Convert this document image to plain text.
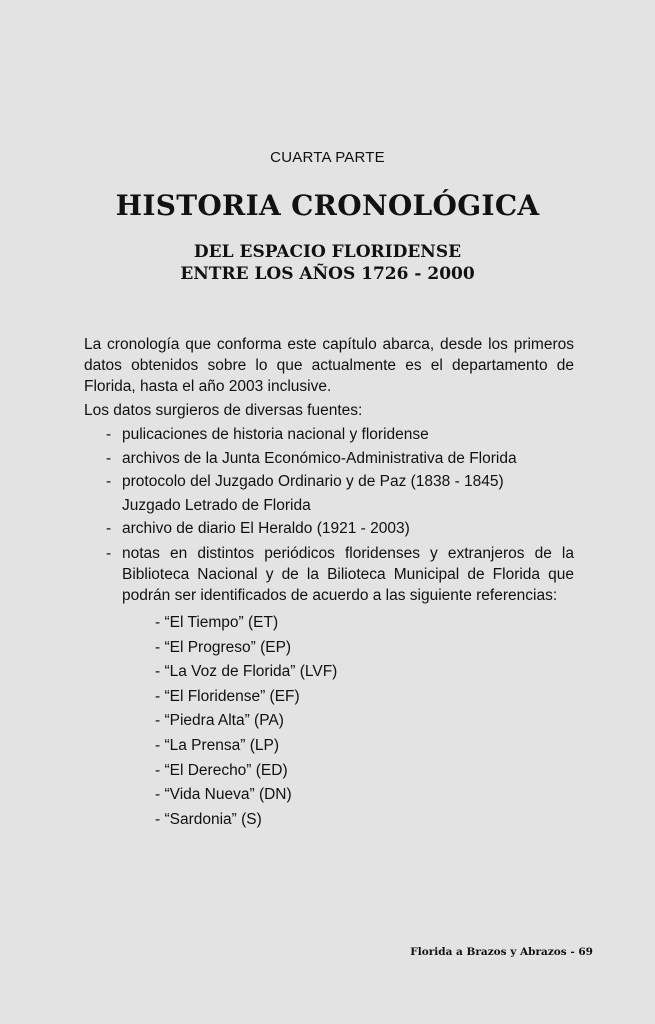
CUARTA PARTE
HISTORIA CRONOLÓGICA
DEL ESPACIO FLORIDENSE
ENTRE LOS AÑOS 1726 - 2000

La cronología que conforma este capítulo abarca, desde los primeros datos obtenidos sobre lo que actualmente es el departamento de Florida, hasta el año 2003 inclusive.

Los datos surgieros de diversas fuentes:

- pulicaciones de historia nacional y floridense
- archivos de la Junta Económico-Administrativa de Florida
- protocolo del Juzgado Ordinario y de Paz (1838 - 1845)
Juzgado Letrado de Florida
- archivo de diario El Heraldo (1921 - 2003)
- notas en distintos periódicos floridenses y extranjeros de la Biblioteca Nacional y de la Bilioteca Municipal de Florida que podrán ser identificados de acuerdo a las siguiente referencias:
- “El Tiempo” (ET)
- “El Progreso” (EP)
- “La Voz de Florida” (LVF)
- “El Floridense” (EF)
- “Piedra Alta” (PA)
- “La Prensa” (LP)
- “El Derecho” (ED)
- “Vida Nueva” (DN)
- “Sardonia” (S)
Florida a Brazos y Abrazos - 69
